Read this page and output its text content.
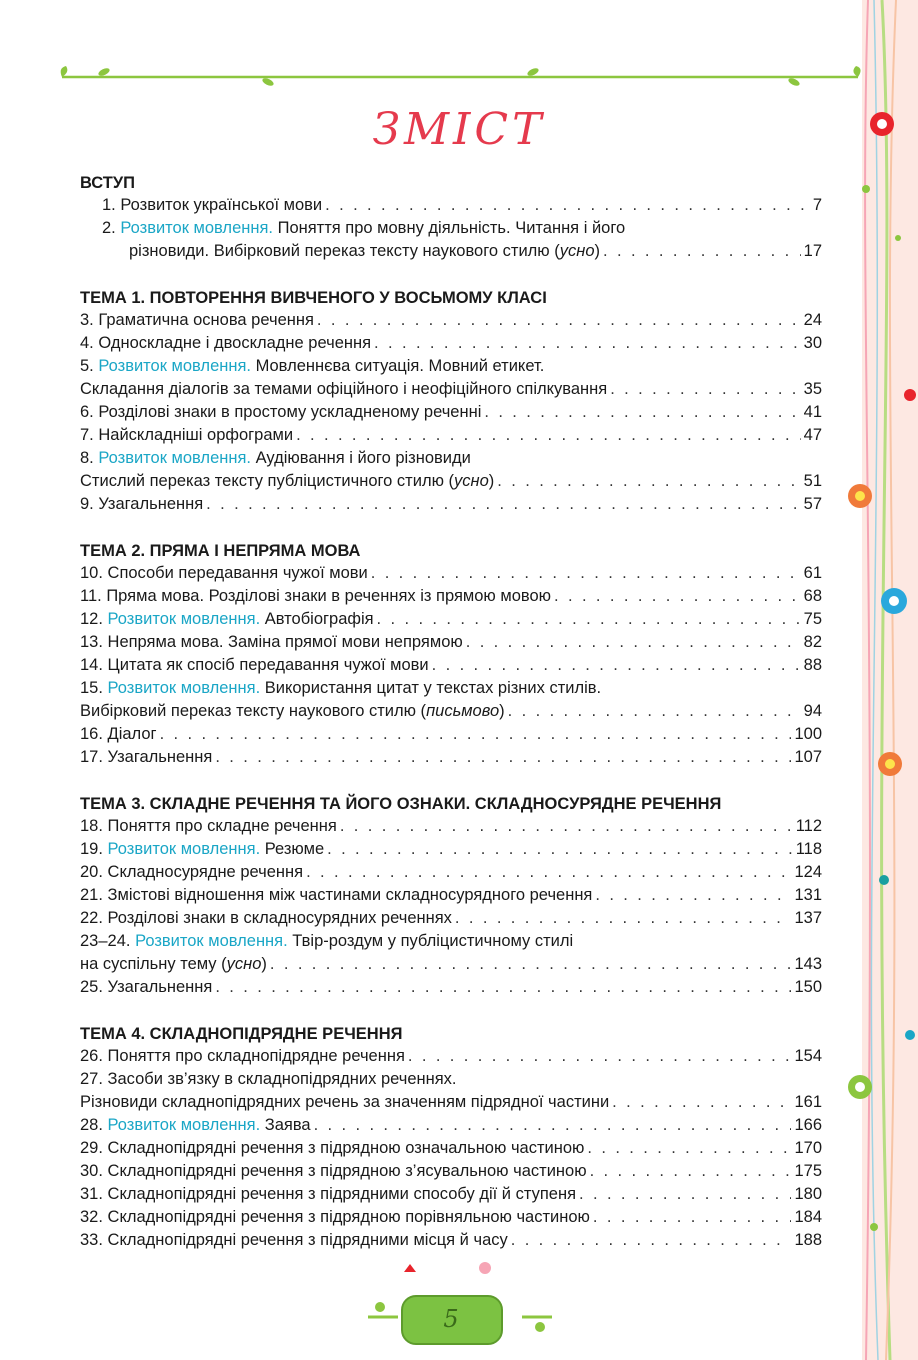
ЗМІСТ
ВСТУП
1. Розвиток української мови . . .	7
2. Розвиток мовлення. Поняття про мовну діяльність. Читання і його
різновиди. Вибірковий переказ тексту наукового стилю (усно) . . .	17
ТЕМА 1. ПОВТОРЕННЯ ВИВЧЕНОГО У ВОСЬМОМУ КЛАСІ
3. Граматична основа речення . . .	24
4. Односкладне і двоскладне речення . . .	30
5. Розвиток мовлення. Мовленнєва ситуація. Мовний етикет.
Складання діалогів за темами офіційного і неофіційного спілкування . . .	35
6. Розділові знаки в простому ускладненому реченні . . .	41
7. Найскладніші орфограми . . .	47
8. Розвиток мовлення. Аудіювання і його різновиди
Стислий переказ тексту публіцистичного стилю (усно) . . .	51
9. Узагальнення . . .	57
ТЕМА 2. ПРЯМА І НЕПРЯМА МОВА
10. Способи передавання чужої мови . . .	61
11. Пряма мова. Розділові знаки в реченнях із прямою мовою . . .	68
12. Розвиток мовлення. Автобіографія . . .	75
13. Непряма мова. Заміна прямої мови непрямою . . .	82
14. Цитата як спосіб передавання чужої мови . . .	88
15. Розвиток мовлення. Використання цитат у текстах різних стилів.
Вибірковий переказ тексту наукового стилю (письмово) . . .	94
16. Діалог . . .	100
17. Узагальнення . . .	107
ТЕМА 3. СКЛАДНЕ РЕЧЕННЯ ТА ЙОГО ОЗНАКИ. СКЛАДНОСУРЯДНЕ РЕЧЕННЯ
18. Поняття про складне речення . . .	112
19. Розвиток мовлення. Резюме . . .	118
20. Складносурядне речення . . .	124
21. Змістові відношення між частинами складносурядного речення . . .	131
22. Розділові знаки в складносурядних реченнях . . .	137
23–24. Розвиток мовлення. Твір-роздум у публіцистичному стилі
на суспільну тему (усно) . . .	143
25. Узагальнення . . .	150
ТЕМА 4. СКЛАДНОПІДРЯДНЕ РЕЧЕННЯ
26. Поняття про складнопідрядне речення . . .	154
27. Засоби зв’язку в складнопідрядних реченнях.
Різновиди складнопідрядних речень за значенням підрядної частини . . .	161
28. Розвиток мовлення. Заява . . .	166
29. Складнопідрядні речення з підрядною означальною частиною . . .	170
30. Складнопідрядні речення з підрядною з’ясувальною частиною . . .	175
31. Складнопідрядні речення з підрядними способу дії й ступеня . . .	180
32. Складнопідрядні речення з підрядною порівняльною частиною . . .	184
33. Складнопідрядні речення з підрядними місця й часу . . .	188
5
